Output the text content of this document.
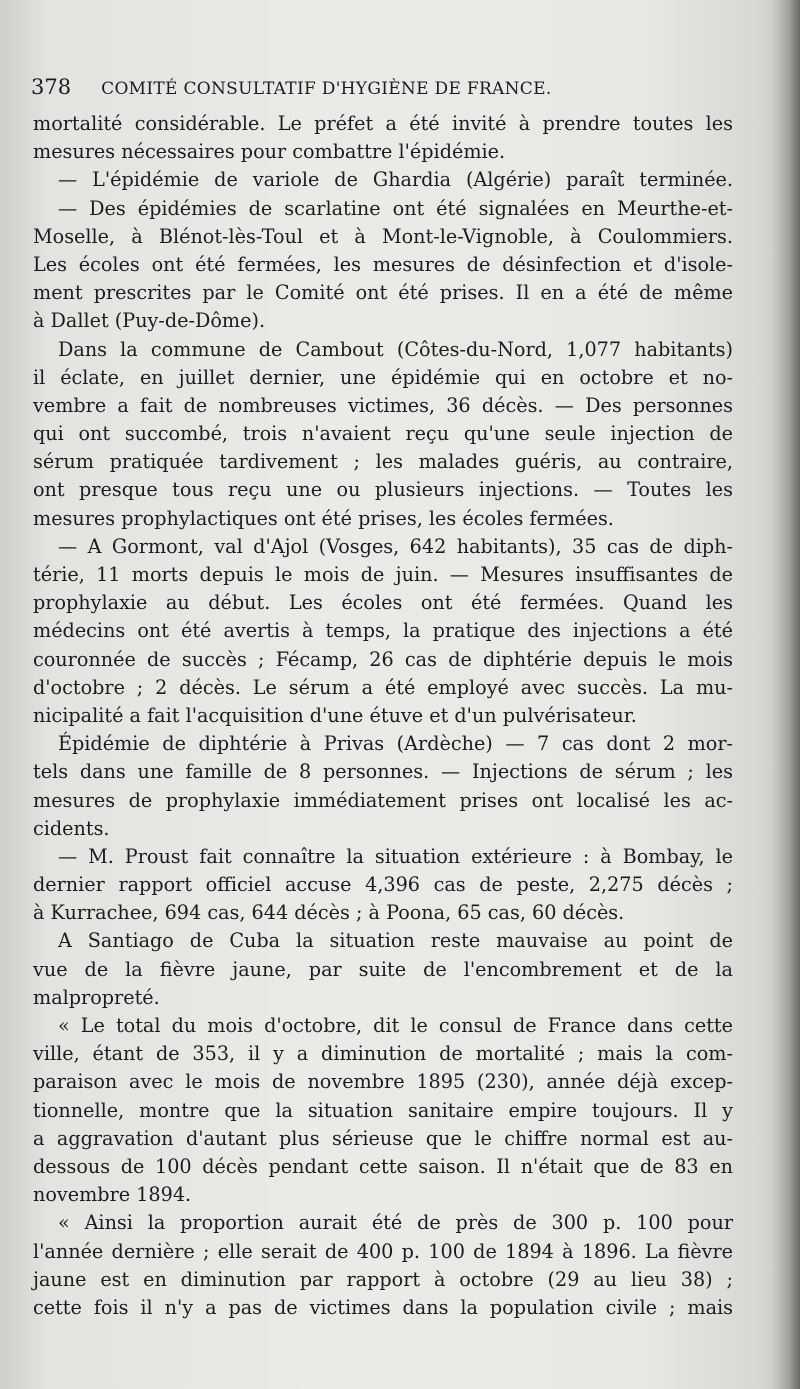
378 COMITÉ CONSULTATIF D'HYGIÈNE DE FRANCE.
mortalité considérable. Le préfet a été invité à prendre toutes les
mesures nécessaires pour combattre l'épidémie.
— L'épidémie de variole de Ghardia (Algérie) paraît terminée.
— Des épidémies de scarlatine ont été signalées en Meurthe-et-
Moselle, à Blénot-lès-Toul et à Mont-le-Vignoble, à Coulommiers.
Les écoles ont été fermées, les mesures de désinfection et d'isole-
ment prescrites par le Comité ont été prises. Il en a été de même
à Dallet (Puy-de-Dôme).
Dans la commune de Cambout (Côtes-du-Nord, 1,077 habitants)
il éclate, en juillet dernier, une épidémie qui en octobre et no-
vembre a fait de nombreuses victimes, 36 décès. — Des personnes
qui ont succombé, trois n'avaient reçu qu'une seule injection de
sérum pratiquée tardivement ; les malades guéris, au contraire,
ont presque tous reçu une ou plusieurs injections. — Toutes les
mesures prophylactiques ont été prises, les écoles fermées.
— A Gormont, val d'Ajol (Vosges, 642 habitants), 35 cas de diph-
térie, 11 morts depuis le mois de juin. — Mesures insuffisantes de
prophylaxie au début. Les écoles ont été fermées. Quand les
médecins ont été avertis à temps, la pratique des injections a été
couronnée de succès ; Fécamp, 26 cas de diphtérie depuis le mois
d'octobre ; 2 décès. Le sérum a été employé avec succès. La mu-
nicipalité a fait l'acquisition d'une étuve et d'un pulvérisateur.
Épidémie de diphtérie à Privas (Ardèche) — 7 cas dont 2 mor-
tels dans une famille de 8 personnes. — Injections de sérum ; les
mesures de prophylaxie immédiatement prises ont localisé les ac-
cidents.
— M. Proust fait connaître la situation extérieure : à Bombay, le
dernier rapport officiel accuse 4,396 cas de peste, 2,275 décès ;
à Kurrachee, 694 cas, 644 décès ; à Poona, 65 cas, 60 décès.
A Santiago de Cuba la situation reste mauvaise au point de
vue de la fièvre jaune, par suite de l'encombrement et de la
malpropreté.
« Le total du mois d'octobre, dit le consul de France dans cette
ville, étant de 353, il y a diminution de mortalité ; mais la com-
paraison avec le mois de novembre 1895 (230), année déjà excep-
tionnelle, montre que la situation sanitaire empire toujours. Il y
a aggravation d'autant plus sérieuse que le chiffre normal est au-
dessous de 100 décès pendant cette saison. Il n'était que de 83 en
novembre 1894.
« Ainsi la proportion aurait été de près de 300 p. 100 pour
l'année dernière ; elle serait de 400 p. 100 de 1894 à 1896. La fièvre
jaune est en diminution par rapport à octobre (29 au lieu 38) ;
cette fois il n'y a pas de victimes dans la population civile ; mais
